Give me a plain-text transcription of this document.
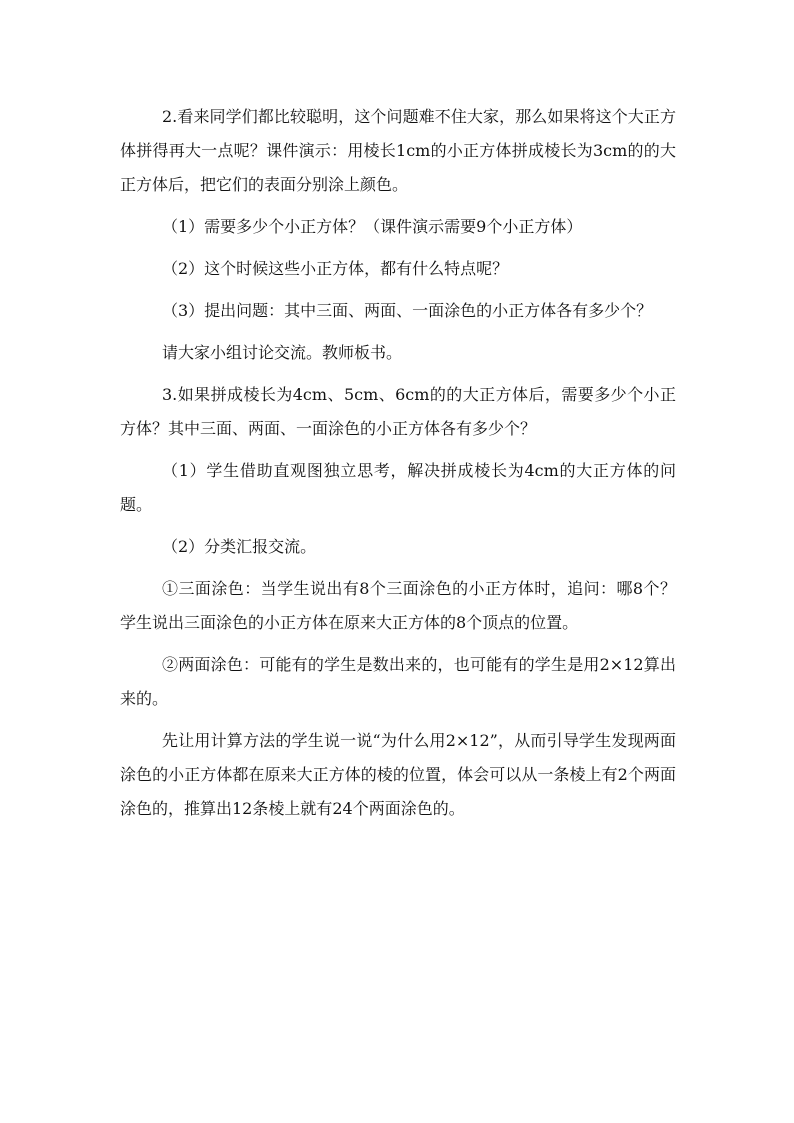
2.看来同学们都比较聪明，这个问题难不住大家，那么如果将这个大正方体拼得再大一点呢？课件演示：用棱长1cm的小正方体拼成棱长为3cm的的大正方体后，把它们的表面分别涂上颜色。

（1）需要多少个小正方体？（课件演示需要9个小正方体）

（2）这个时候这些小正方体，都有什么特点呢？

（3）提出问题：其中三面、两面、一面涂色的小正方体各有多少个？

请大家小组讨论交流。教师板书。

3.如果拼成棱长为4cm、5cm、6cm的的大正方体后，需要多少个小正方体？其中三面、两面、一面涂色的小正方体各有多少个？

（1）学生借助直观图独立思考，解决拼成棱长为4cm的大正方体的问题。

（2）分类汇报交流。

①三面涂色：当学生说出有8个三面涂色的小正方体时，追问：哪8个？学生说出三面涂色的小正方体在原来大正方体的8个顶点的位置。

②两面涂色：可能有的学生是数出来的，也可能有的学生是用2×12算出来的。

先让用计算方法的学生说一说“为什么用2×12”，从而引导学生发现两面涂色的小正方体都在原来大正方体的棱的位置，体会可以从一条棱上有2个两面涂色的，推算出12条棱上就有24个两面涂色的。
